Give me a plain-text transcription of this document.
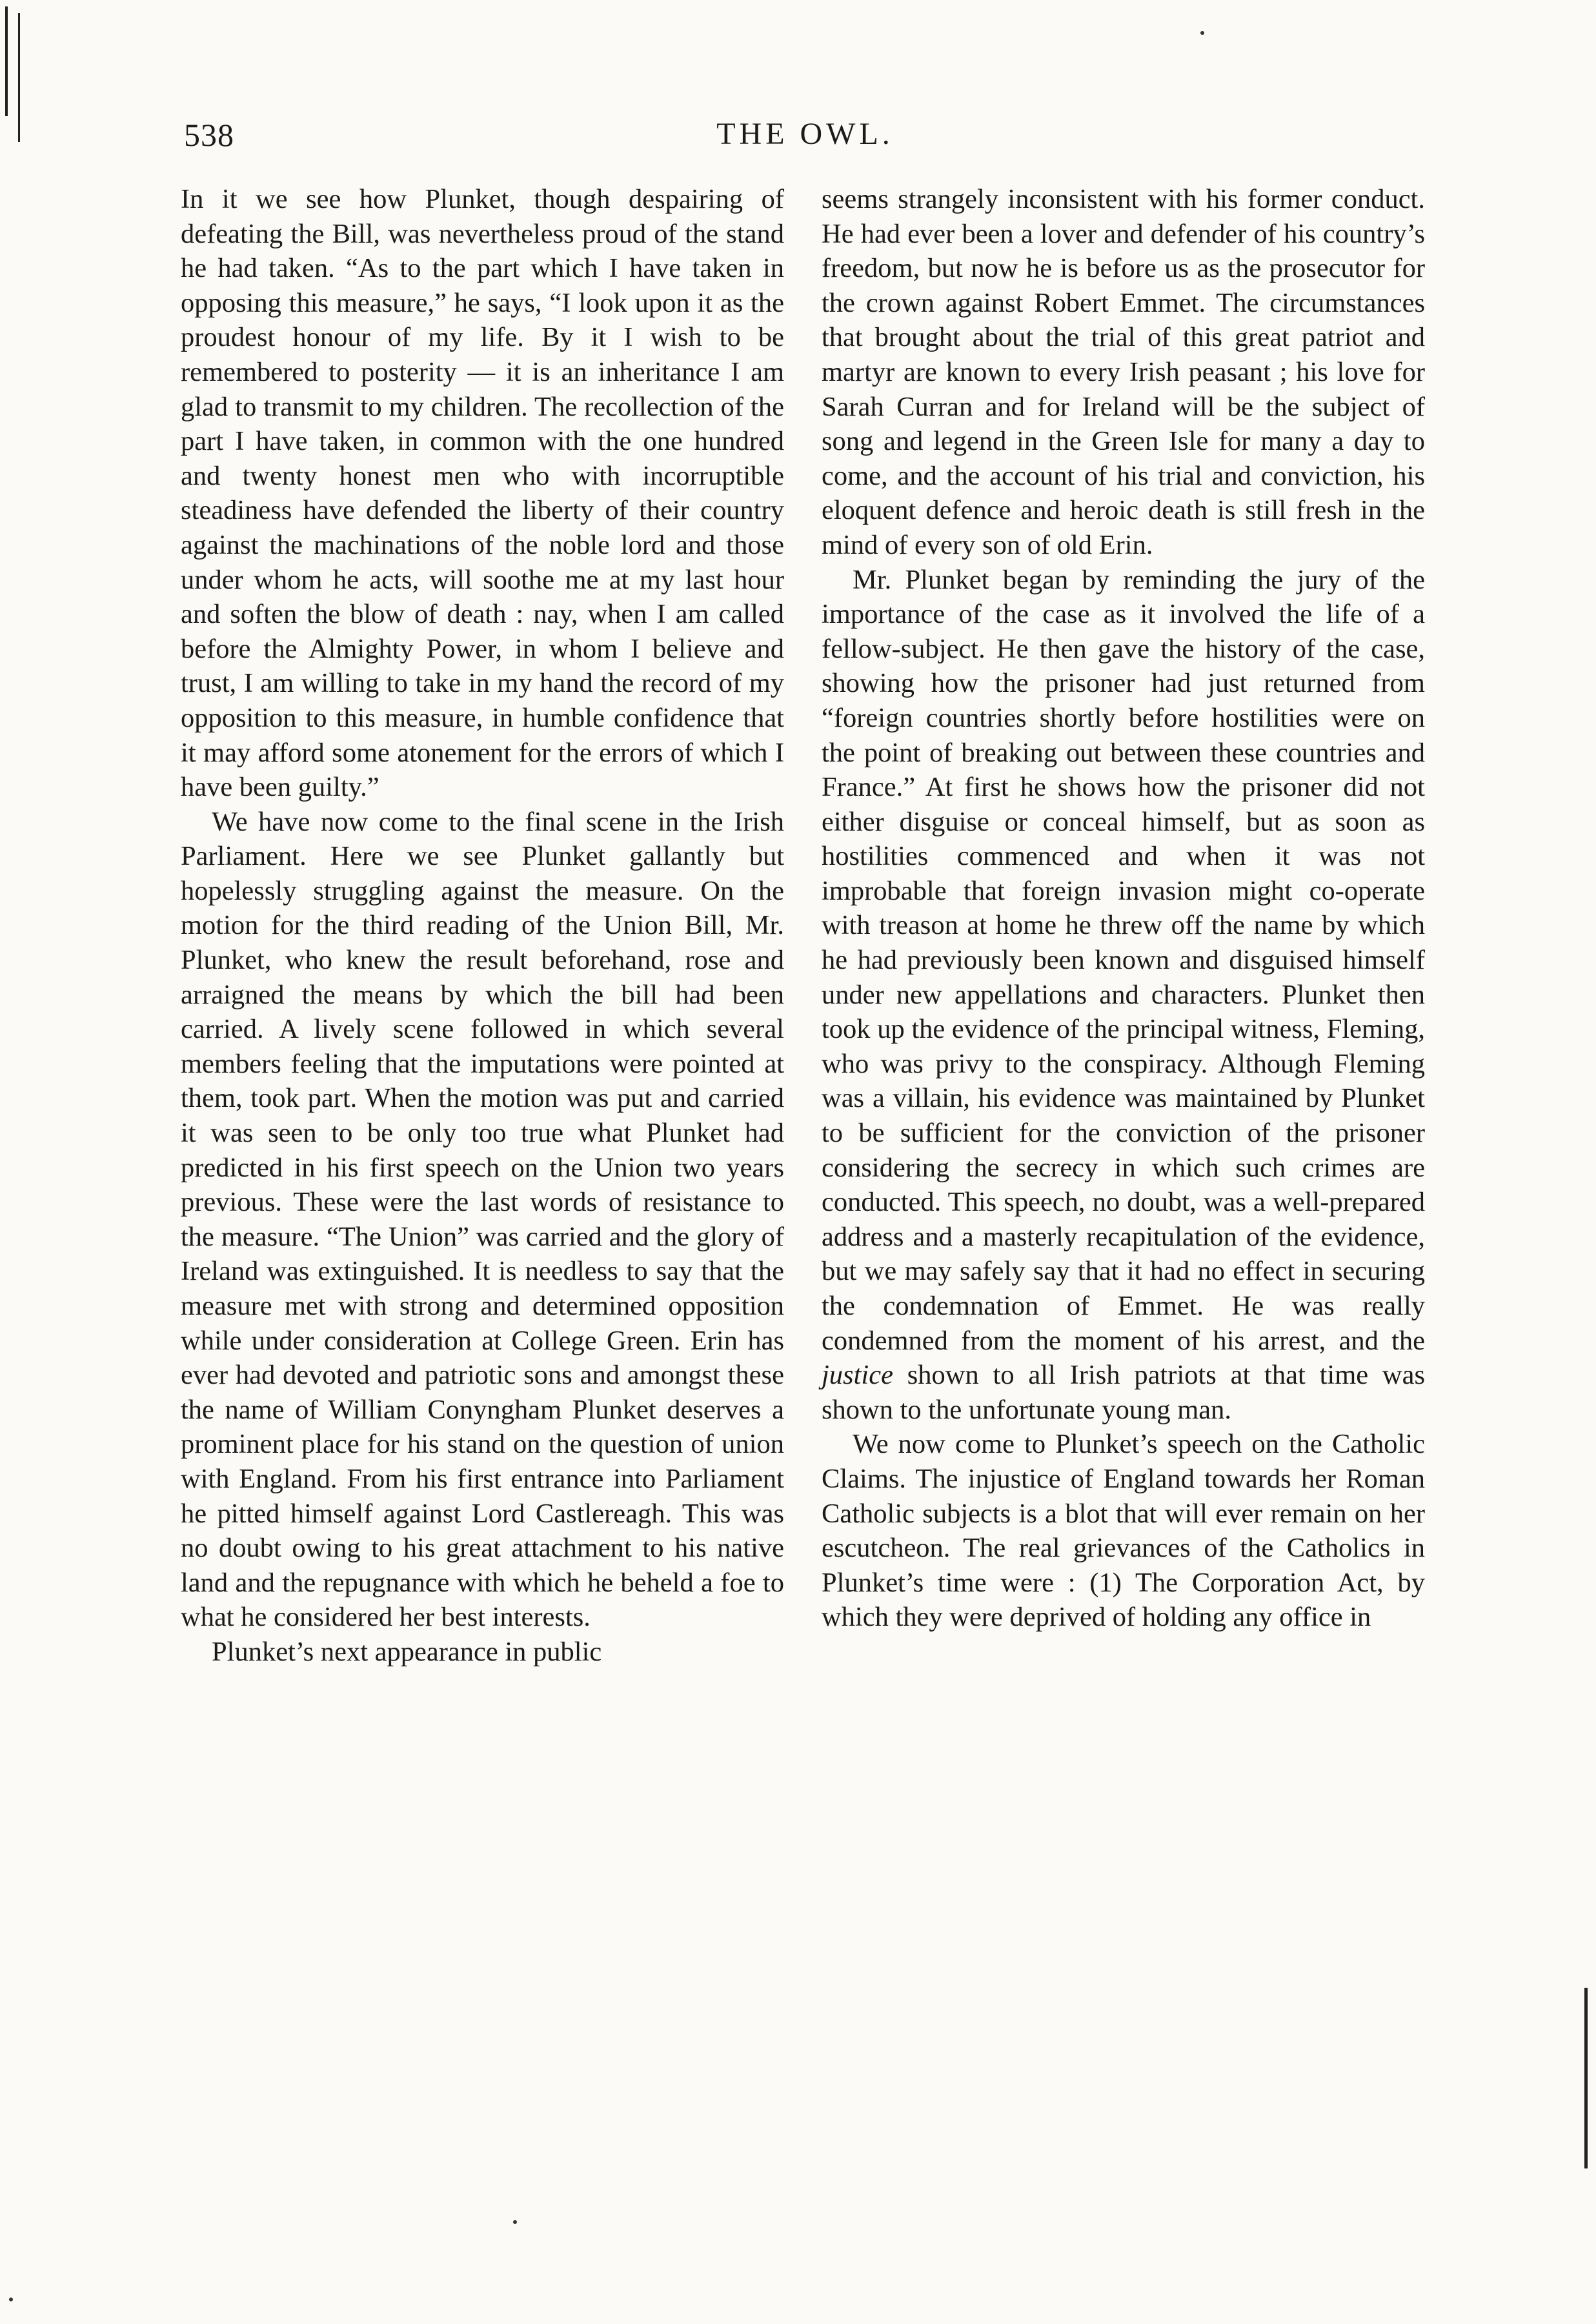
538	THE OWL.

In it we see how Plunket, though despairing of defeating the Bill, was nevertheless proud of the stand he had taken. “As to the part which I have taken in opposing this measure,” he says, “I look upon it as the proudest honour of my life. By it I wish to be remembered to posterity — it is an inheritance I am glad to transmit to my children. The recollection of the part I have taken, in common with the one hundred and twenty honest men who with incorruptible steadiness have defended the liberty of their country against the machinations of the noble lord and those under whom he acts, will soothe me at my last hour and soften the blow of death : nay, when I am called before the Almighty Power, in whom I believe and trust, I am willing to take in my hand the record of my opposition to this measure, in humble confidence that it may afford some atonement for the errors of which I have been guilty.”

We have now come to the final scene in the Irish Parliament. Here we see Plunket gallantly but hopelessly struggling against the measure. On the motion for the third reading of the Union Bill, Mr. Plunket, who knew the result beforehand, rose and arraigned the means by which the bill had been carried. A lively scene followed in which several members feeling that the imputations were pointed at them, took part. When the motion was put and carried it was seen to be only too true what Plunket had predicted in his first speech on the Union two years previous. These were the last words of resistance to the measure. “The Union” was carried and the glory of Ireland was extinguished. It is needless to say that the measure met with strong and determined opposition while under consideration at College Green. Erin has ever had devoted and patriotic sons and amongst these the name of William Conyngham Plunket deserves a prominent place for his stand on the question of union with England. From his first entrance into Parliament he pitted himself against Lord Castlereagh. This was no doubt owing to his great attachment to his native land and the repugnance with which he beheld a foe to what he considered her best interests.

Plunket’s next appearance in public

seems strangely inconsistent with his former conduct. He had ever been a lover and defender of his country’s freedom, but now he is before us as the prosecutor for the crown against Robert Emmet. The circumstances that brought about the trial of this great patriot and martyr are known to every Irish peasant ; his love for Sarah Curran and for Ireland will be the subject of song and legend in the Green Isle for many a day to come, and the account of his trial and conviction, his eloquent defence and heroic death is still fresh in the mind of every son of old Erin.

Mr. Plunket began by reminding the jury of the importance of the case as it involved the life of a fellow-subject. He then gave the history of the case, showing how the prisoner had just returned from “foreign countries shortly before hostilities were on the point of breaking out between these countries and France.” At first he shows how the prisoner did not either disguise or conceal himself, but as soon as hostilities commenced and when it was not improbable that foreign invasion might co-operate with treason at home he threw off the name by which he had previously been known and disguised himself under new appellations and characters. Plunket then took up the evidence of the principal witness, Fleming, who was privy to the conspiracy. Although Fleming was a villain, his evidence was maintained by Plunket to be sufficient for the conviction of the prisoner considering the secrecy in which such crimes are conducted. This speech, no doubt, was a well-prepared address and a masterly recapitulation of the evidence, but we may safely say that it had no effect in securing the condemnation of Emmet. He was really condemned from the moment of his arrest, and the justice shown to all Irish patriots at that time was shown to the unfortunate young man.

We now come to Plunket’s speech on the Catholic Claims. The injustice of England towards her Roman Catholic subjects is a blot that will ever remain on her escutcheon. The real grievances of the Catholics in Plunket’s time were : (1) The Corporation Act, by which they were deprived of holding any office in
